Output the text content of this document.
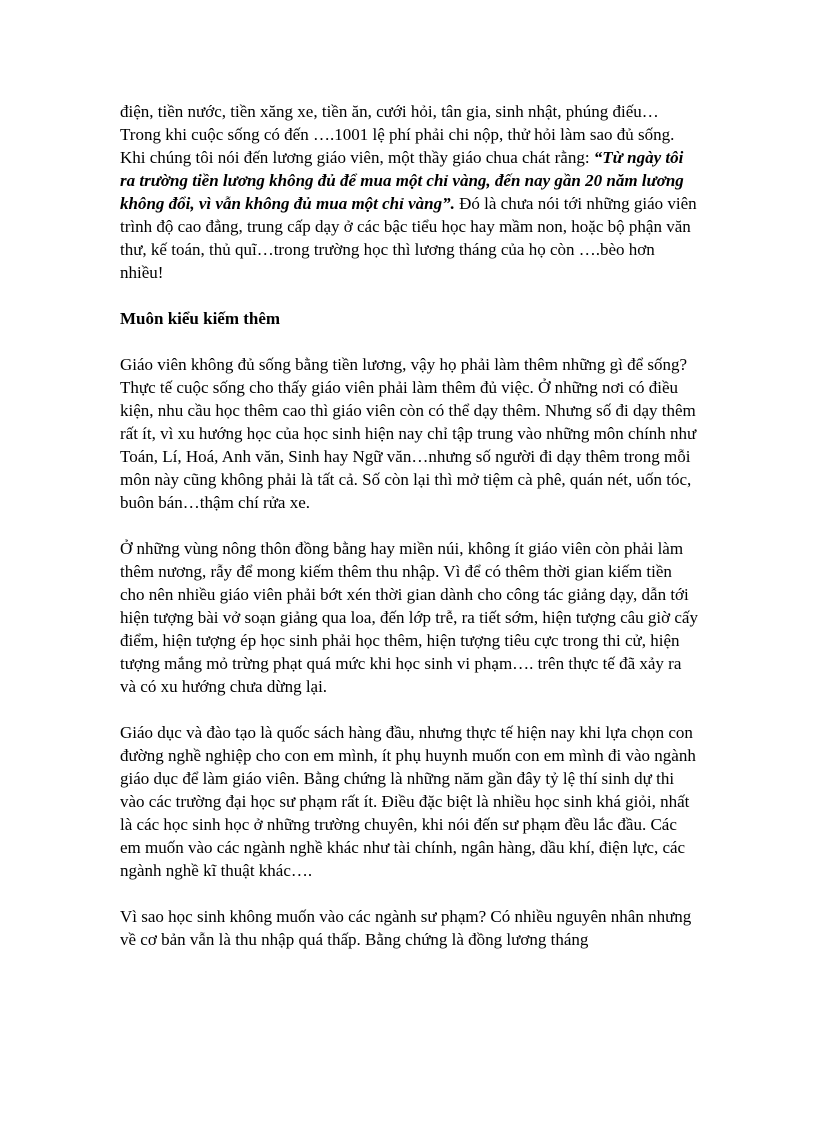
điện, tiền nước, tiền xăng xe, tiền ăn, cưới hỏi, tân gia, sinh nhật, phúng điếu… Trong khi cuộc sống có đến ….1001 lệ phí phải chi nộp, thử hỏi làm sao đủ sống.

Khi chúng tôi nói đến lương giáo viên, một thầy giáo chua chát rằng: “Từ ngày tôi ra trường tiền lương không đủ để mua một chỉ vàng, đến nay gần 20 năm lương không đổi, vì vẫn không đủ mua một chỉ vàng”. Đó là chưa nói tới những giáo viên trình độ cao đẳng, trung cấp dạy ở các bậc tiểu học hay mầm non, hoặc bộ phận văn thư, kế toán, thủ quĩ…trong trường học thì lương tháng của họ còn ….bèo hơn nhiều!

Muôn kiểu kiếm thêm

Giáo viên không đủ sống bằng tiền lương, vậy họ phải làm thêm những gì để sống? Thực tế cuộc sống cho thấy giáo viên phải làm thêm đủ việc. Ở những nơi có điều kiện, nhu cầu học thêm cao thì giáo viên còn có thể dạy thêm. Nhưng số đi dạy thêm rất ít, vì xu hướng học của học sinh hiện nay chỉ tập trung vào những môn chính như Toán, Lí, Hoá, Anh văn, Sinh hay Ngữ văn…nhưng số người đi dạy thêm trong mỗi môn này cũng không phải là tất cả. Số còn lại thì mở tiệm cà phê, quán nét, uốn tóc, buôn bán…thậm chí rửa xe.

Ở những vùng nông thôn đồng bằng hay miền núi, không ít giáo viên còn phải làm thêm nương, rẫy để mong kiếm thêm thu nhập. Vì để có thêm thời gian kiếm tiền cho nên nhiều giáo viên phải bớt xén thời gian dành cho công tác giảng dạy, dẫn tới hiện tượng bài vở soạn giảng qua loa, đến lớp trễ, ra tiết sớm, hiện tượng câu giờ cấy điểm, hiện tượng ép học sinh phải học thêm, hiện tượng tiêu cực trong thi cử, hiện tượng mắng mỏ trừng phạt quá mức khi học sinh vi phạm…. trên thực tế đã xảy ra và có xu hướng chưa dừng lại.

Giáo dục và đào tạo là quốc sách hàng đầu, nhưng thực tế hiện nay khi lựa chọn con đường nghề nghiệp cho con em mình, ít phụ huynh muốn con em mình đi vào ngành giáo dục để làm giáo viên. Bằng chứng là những năm gần đây tỷ lệ thí sinh dự thi vào các trường đại học sư phạm rất ít. Điều đặc biệt là nhiều học sinh khá giỏi, nhất là các học sinh học ở những trường chuyên, khi nói đến sư phạm đều lắc đầu. Các em muốn vào các ngành nghề khác như tài chính, ngân hàng, dầu khí, điện lực, các ngành nghề kĩ thuật khác….

Vì sao học sinh không muốn vào các ngành sư phạm? Có nhiều nguyên nhân nhưng về cơ bản vẫn là thu nhập quá thấp. Bằng chứng là đồng lương tháng
